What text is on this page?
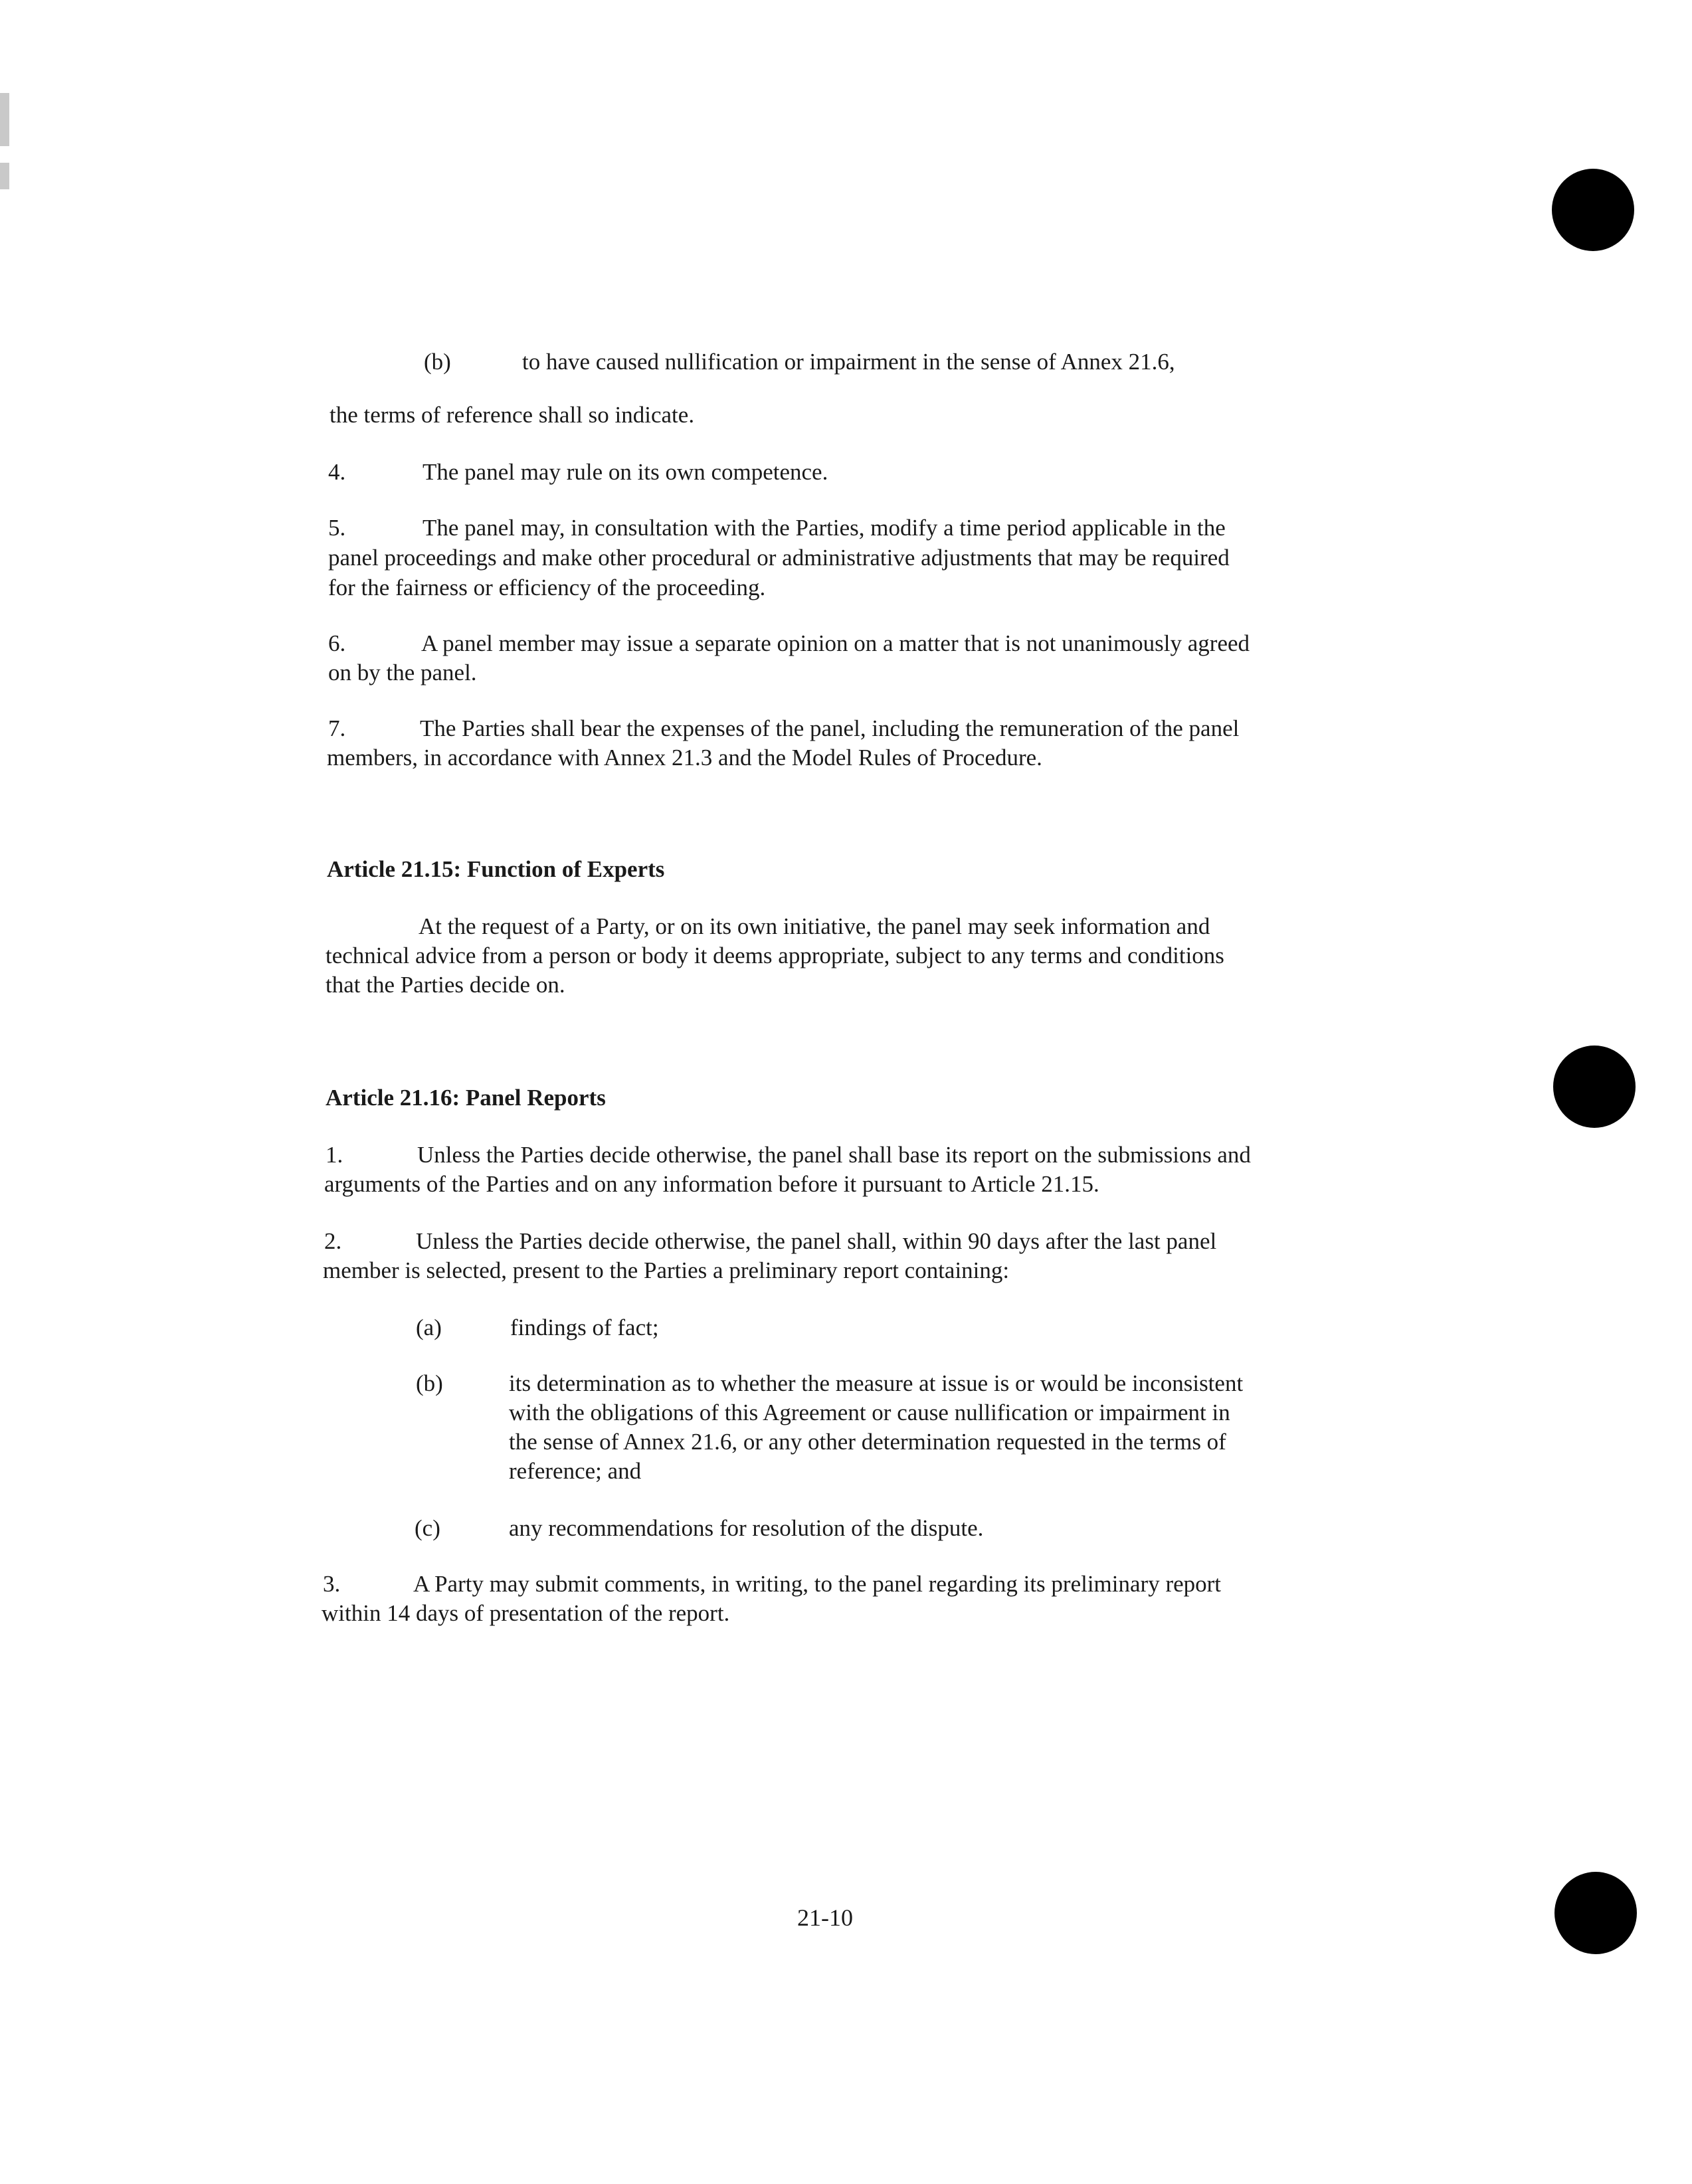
(b)	to have caused nullification or impairment in the sense of Annex 21.6,
the terms of reference shall so indicate.
4.	The panel may rule on its own competence.
5.	The panel may, in consultation with the Parties, modify a time period applicable in the
panel proceedings and make other procedural or administrative adjustments that may be required
for the fairness or efficiency of the proceeding.
6.	A panel member may issue a separate opinion on a matter that is not unanimously agreed
on by the panel.
7.	The Parties shall bear the expenses of the panel, including the remuneration of the panel
members, in accordance with Annex 21.3 and the Model Rules of Procedure.
Article 21.15: Function of Experts
At the request of a Party, or on its own initiative, the panel may seek information and
technical advice from a person or body it deems appropriate, subject to any terms and conditions
that the Parties decide on.
Article 21.16: Panel Reports
1.	Unless the Parties decide otherwise, the panel shall base its report on the submissions and
arguments of the Parties and on any information before it pursuant to Article 21.15.
2.	Unless the Parties decide otherwise, the panel shall, within 90 days after the last panel
member is selected, present to the Parties a preliminary report containing:
(a)	findings of fact;
(b)	its determination as to whether the measure at issue is or would be inconsistent
with the obligations of this Agreement or cause nullification or impairment in
the sense of Annex 21.6, or any other determination requested in the terms of
reference; and
(c)	any recommendations for resolution of the dispute.
3.	A Party may submit comments, in writing, to the panel regarding its preliminary report
within 14 days of presentation of the report.
21-10
